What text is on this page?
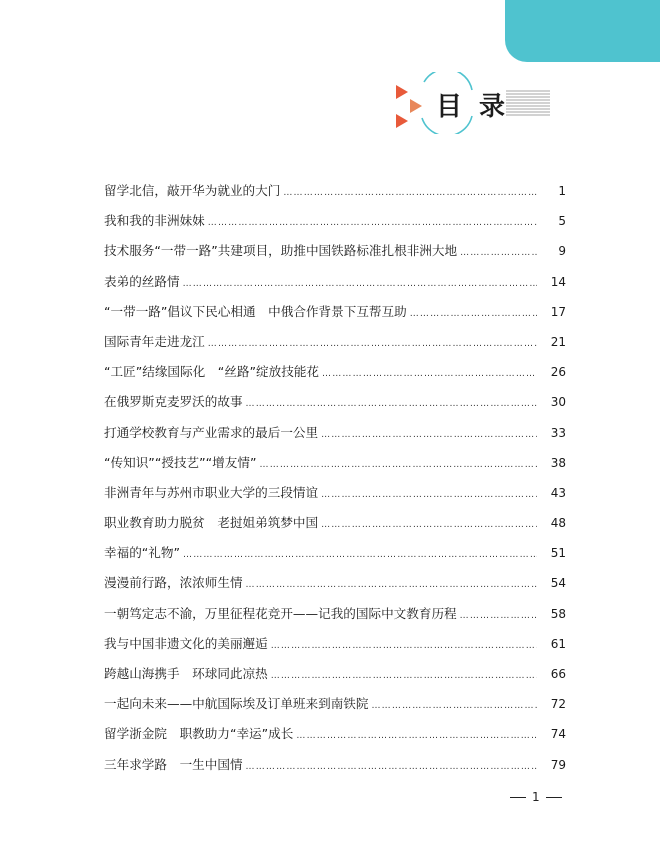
目 录
留学北信，敲开华为就业的大门 …………………………………………………………………………………………………………………………………………	1
我和我的非洲妹妹 …………………………………………………………………………………………………………………………………………	5
技术服务“一带一路”共建项目，助推中国铁路标准扎根非洲大地 …………………………………………………………………………………………………………………………………………	9
表弟的丝路情 …………………………………………………………………………………………………………………………………………	14
“一带一路”倡议下民心相通　中俄合作背景下互帮互助 …………………………………………………………………………………………………………………………………………	17
国际青年走进龙江 …………………………………………………………………………………………………………………………………………	21
“工匠”结缘国际化　“丝路”绽放技能花 …………………………………………………………………………………………………………………………………………	26
在俄罗斯克麦罗沃的故事 …………………………………………………………………………………………………………………………………………	30
打通学校教育与产业需求的最后一公里 …………………………………………………………………………………………………………………………………………	33
“传知识”“授技艺”“增友情” …………………………………………………………………………………………………………………………………………	38
非洲青年与苏州市职业大学的三段情谊 …………………………………………………………………………………………………………………………………………	43
职业教育助力脱贫　老挝姐弟筑梦中国 …………………………………………………………………………………………………………………………………………	48
幸福的“礼物” …………………………………………………………………………………………………………………………………………	51
漫漫前行路，浓浓师生情 …………………………………………………………………………………………………………………………………………	54
一朝笃定志不渝，万里征程花竞开——记我的国际中文教育历程 …………………………………………………………………………………………………………………………………………	58
我与中国非遗文化的美丽邂逅 …………………………………………………………………………………………………………………………………………	61
跨越山海携手　环球同此凉热 …………………………………………………………………………………………………………………………………………	66
一起向未来——中航国际埃及订单班来到南铁院 …………………………………………………………………………………………………………………………………………	72
留学浙金院　职教助力“幸运”成长 …………………………………………………………………………………………………………………………………………	74
三年求学路　一生中国情 …………………………………………………………………………………………………………………………………………	79
1
